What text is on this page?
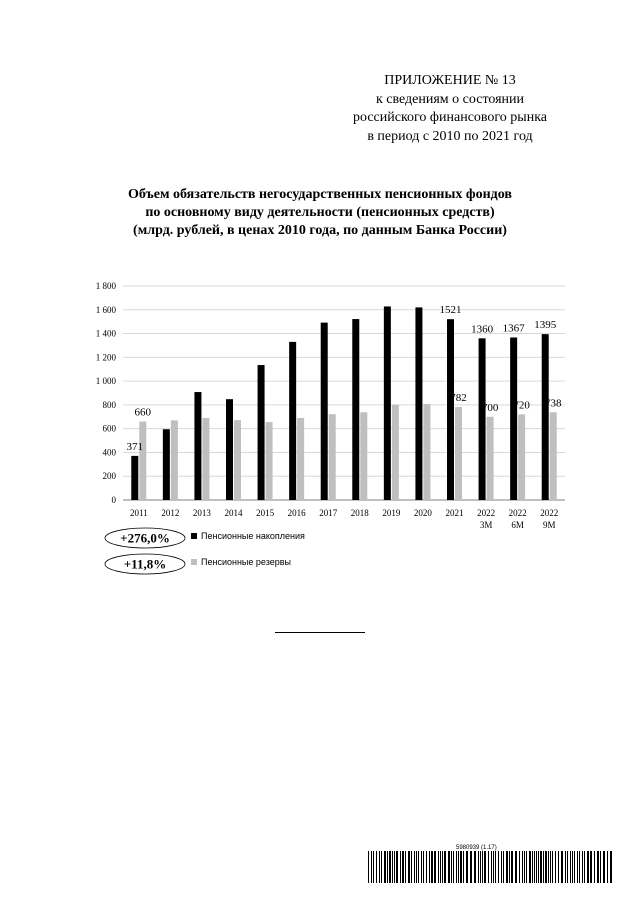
ПРИЛОЖЕНИЕ № 13
к сведениям о состоянии
российского финансового рынка
в период с 2010 по 2021 год
Объем обязательств негосударственных пенсионных фондов
по основному виду деятельности (пенсионных средств)
(млрд. рублей, в ценах 2010 года, по данным Банка России)
0
200
400
600
800
1 000
1 200
1 400
1 600
1 800
2011 2012 2013 2014 2015 2016 2017 2018 2019 2020 2021 2022
3M
2022
6M
2022
9M
371
660
1521
782
1360
700
1367
720
1395
738
Пенсионные накопления
Пенсионные резервы
+276,0%
+11,8%
5980939 (1.17)
